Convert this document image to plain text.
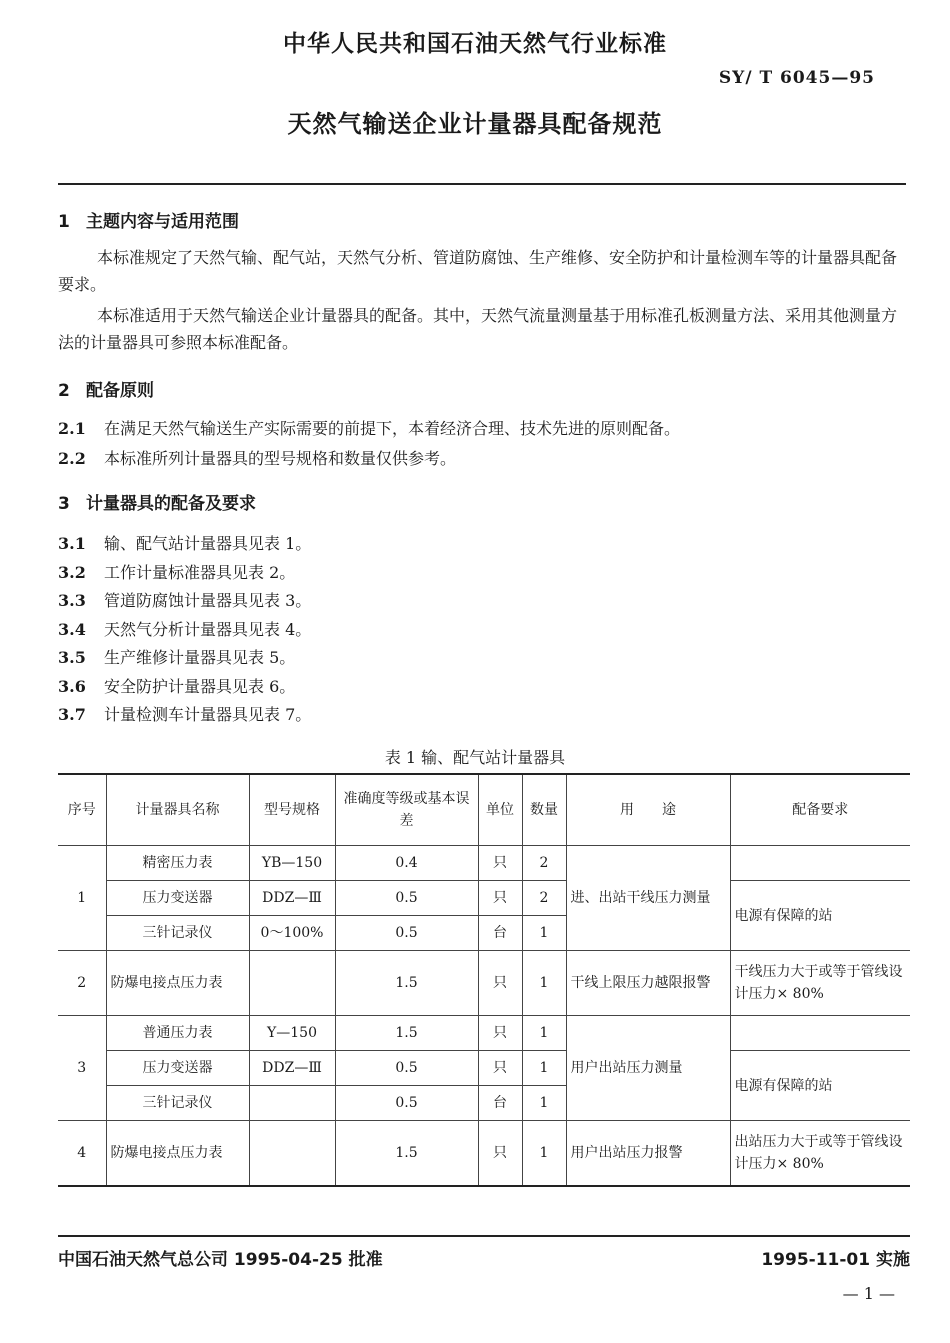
中华人民共和国石油天然气行业标准
SY/ T 6045—95
天然气输送企业计量器具配备规范
1 主题内容与适用范围
本标准规定了天然气输、配气站，天然气分析、管道防腐蚀、生产维修、安全防护和计量检测车等的计量器具配备要求。
本标准适用于天然气输送企业计量器具的配备。其中，天然气流量测量基于用标准孔板测量方法、采用其他测量方法的计量器具可参照本标准配备。
2 配备原则
2.1 在满足天然气输送生产实际需要的前提下，本着经济合理、技术先进的原则配备。
2.2 本标准所列计量器具的型号规格和数量仅供参考。
3 计量器具的配备及要求
3.1 输、配气站计量器具见表 1。
3.2 工作计量标准器具见表 2。
3.3 管道防腐蚀计量器具见表 3。
3.4 天然气分析计量器具见表 4。
3.5 生产维修计量器具见表 5。
3.6 安全防护计量器具见表 6。
3.7 计量检测车计量器具见表 7。
表 1 输、配气站计量器具
序号	计量器具名称	型号规格	准确度等级或基本误差	单位	数量	用　　途	配备要求
1	精密压力表	YB—150	0.4	只	2	进、出站干线压力测量	
	压力变送器	DDZ—Ⅲ	0.5	只	2		电源有保障的站
	三针记录仪	0～100%	0.5	台	1		
2	防爆电接点压力表		1.5	只	1	干线上限压力越限报警	干线压力大于或等于管线设计压力× 80%
3	普通压力表	Y—150	1.5	只	1	用户出站压力测量	
	压力变送器	DDZ—Ⅲ	0.5	只	1		电源有保障的站
	三针记录仪		0.5	台	1		
4	防爆电接点压力表		1.5	只	1	用户出站压力报警	出站压力大于或等于管线设计压力× 80%
中国石油天然气总公司 1995-04-25 批准	1995-11-01 实施
— 1 —
